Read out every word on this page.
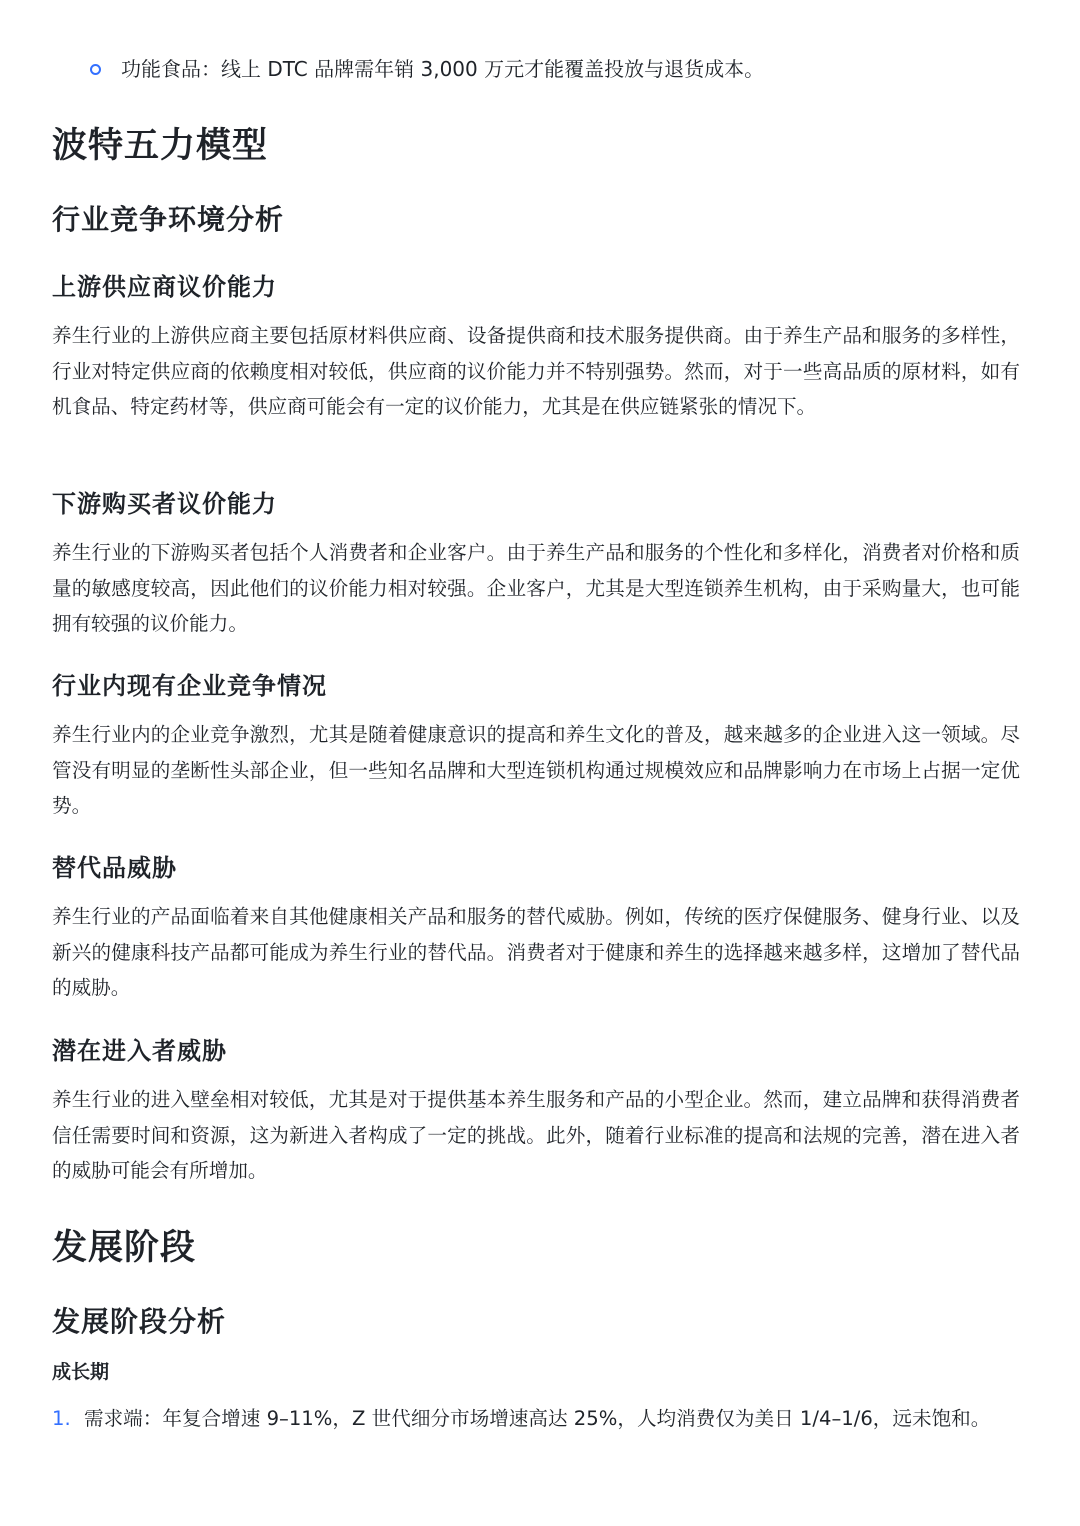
功能食品：线上 DTC 品牌需年销 3,000 万元才能覆盖投放与退货成本。
波特五力模型
行业竞争环境分析
上游供应商议价能力

养生行业的上游供应商主要包括原材料供应商、设备提供商和技术服务提供商。由于养生产品和服务的多样性，行业对特定供应商的依赖度相对较低，供应商的议价能力并不特别强势。然而，对于一些高品质的原材料，如有机食品、特定药材等，供应商可能会有一定的议价能力，尤其是在供应链紧张的情况下。

下游购买者议价能力

养生行业的下游购买者包括个人消费者和企业客户。由于养生产品和服务的个性化和多样化，消费者对价格和质量的敏感度较高，因此他们的议价能力相对较强。企业客户，尤其是大型连锁养生机构，由于采购量大，也可能拥有较强的议价能力。

行业内现有企业竞争情况

养生行业内的企业竞争激烈，尤其是随着健康意识的提高和养生文化的普及，越来越多的企业进入这一领域。尽管没有明显的垄断性头部企业，但一些知名品牌和大型连锁机构通过规模效应和品牌影响力在市场上占据一定优势。

替代品威胁

养生行业的产品面临着来自其他健康相关产品和服务的替代威胁。例如，传统的医疗保健服务、健身行业、以及新兴的健康科技产品都可能成为养生行业的替代品。消费者对于健康和养生的选择越来越多样，这增加了替代品的威胁。

潜在进入者威胁

养生行业的进入壁垒相对较低，尤其是对于提供基本养生服务和产品的小型企业。然而，建立品牌和获得消费者信任需要时间和资源，这为新进入者构成了一定的挑战。此外，随着行业标准的提高和法规的完善，潜在进入者的威胁可能会有所增加。

发展阶段
发展阶段分析
成长期
1. 需求端：年复合增速 9–11%，Z 世代细分市场增速高达 25%，人均消费仅为美日 1/4–1/6，远未饱和。
